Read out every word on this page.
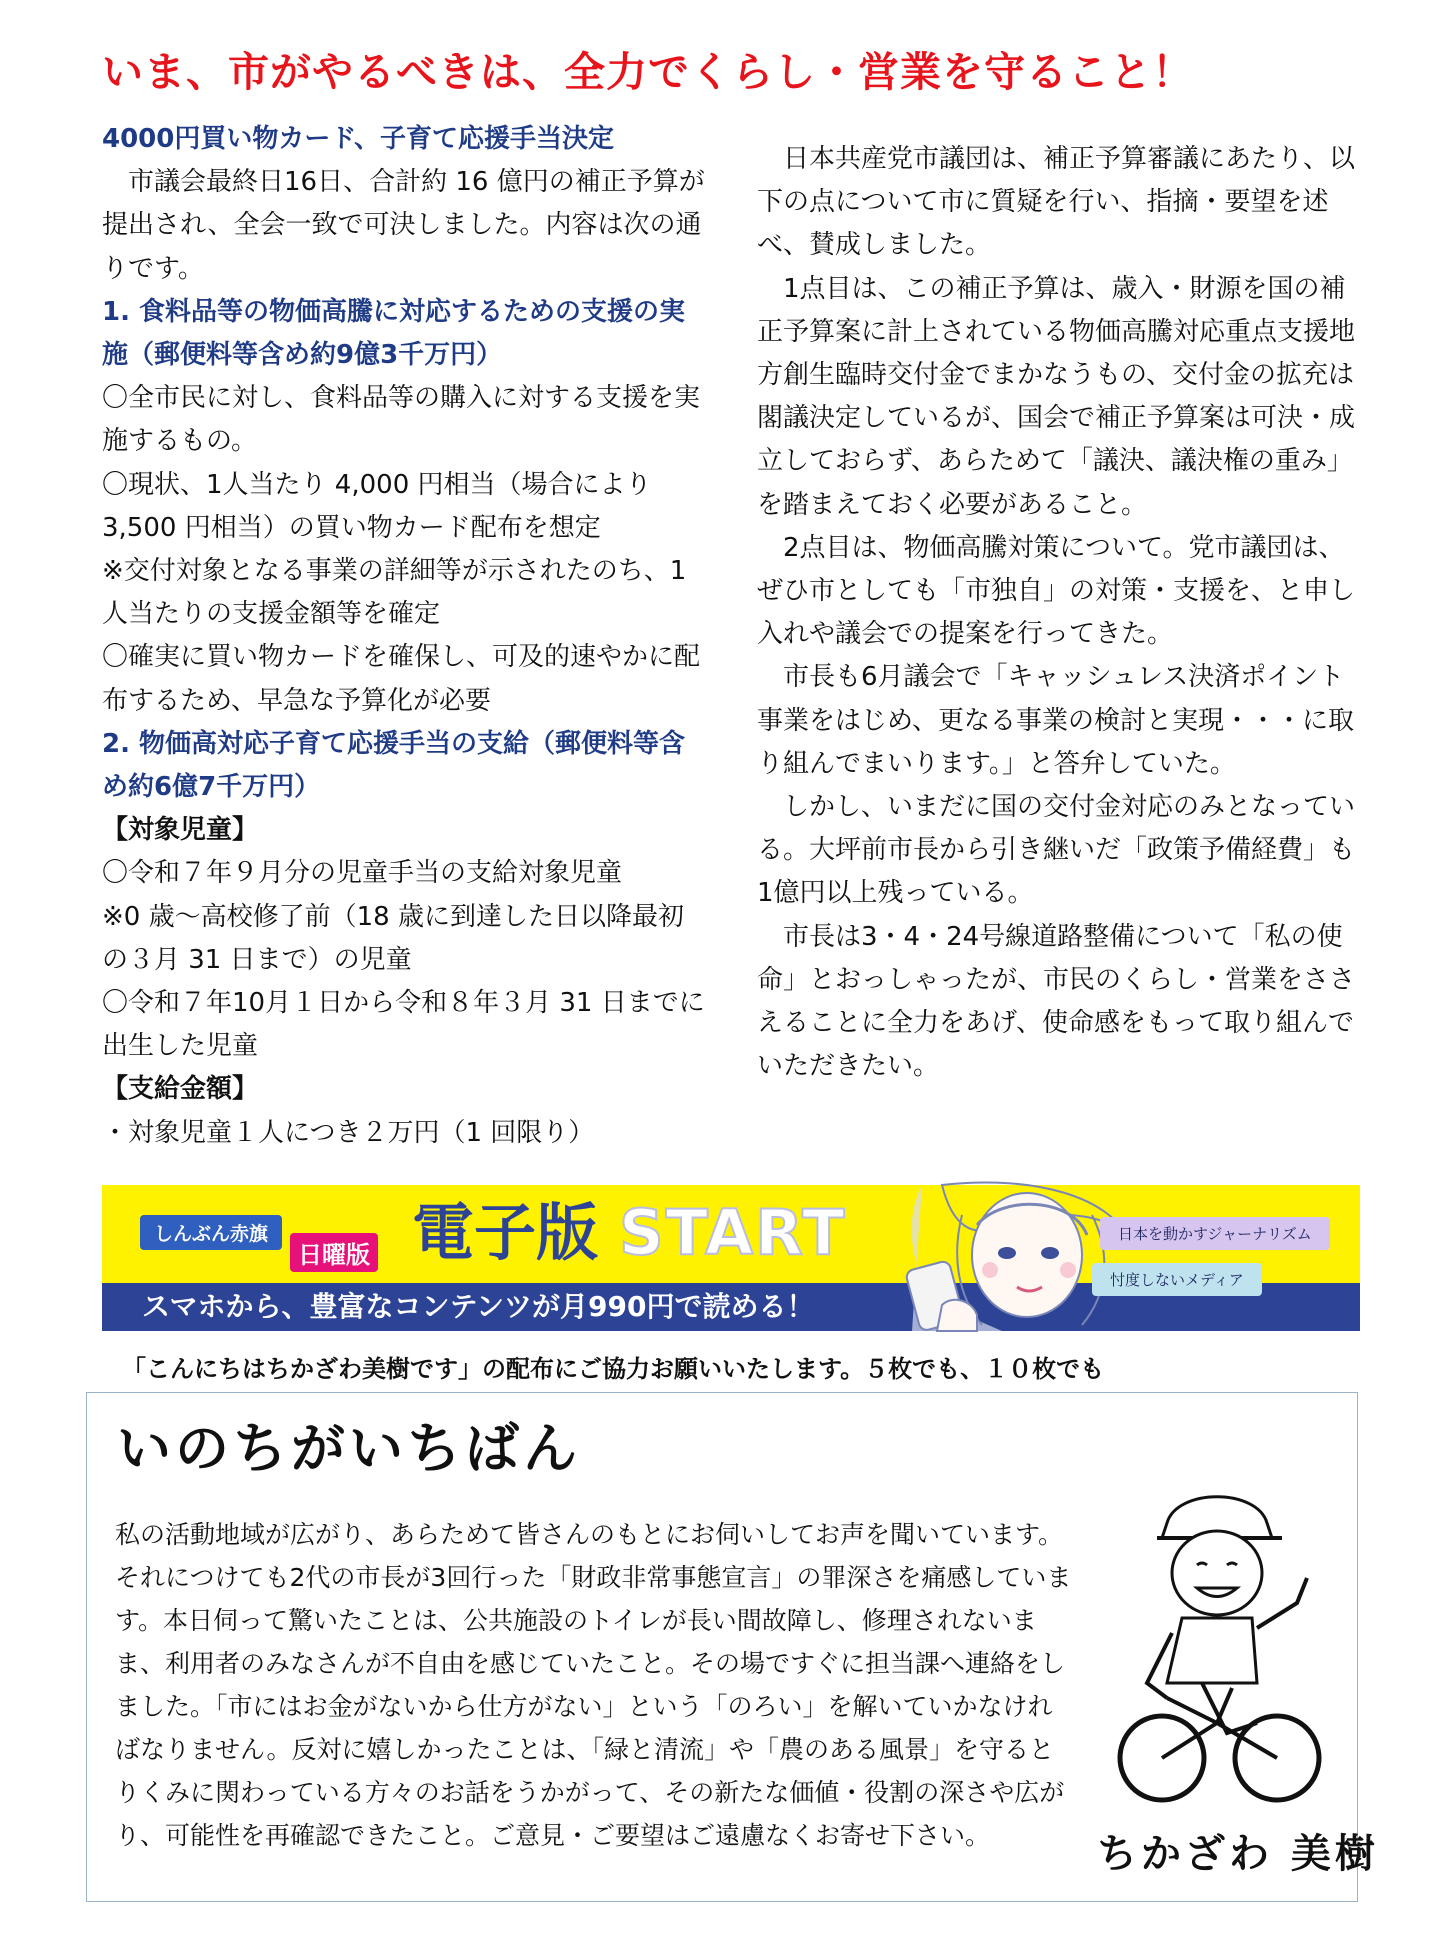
いま、市がやるべきは、全力でくらし・営業を守ること！

4000円買い物カード、子育て応援手当決定

市議会最終日16日、合計約 16 億円の補正予算が提出され、全会一致で可決しました。内容は次の通りです。

1. 食料品等の物価高騰に対応するための支援の実施（郵便料等含め約9億3千万円）

〇全市民に対し、食料品等の購入に対する支援を実施するもの。

〇現状、1人当たり 4,000 円相当（場合により3,500 円相当）の買い物カード配布を想定

※交付対象となる事業の詳細等が示されたのち、1人当たりの支援金額等を確定

〇確実に買い物カードを確保し、可及的速やかに配布するため、早急な予算化が必要

2. 物価高対応子育て応援手当の支給（郵便料等含め約6億7千万円）

【対象児童】

〇令和７年９月分の児童手当の支給対象児童

※0 歳～高校修了前（18 歳に到達した日以降最初の３月 31 日まで）の児童

〇令和７年10月１日から令和８年３月 31 日までに出生した児童

【支給金額】

・対象児童１人につき２万円（1 回限り）

日本共産党市議団は、補正予算審議にあたり、以下の点について市に質疑を行い、指摘・要望を述べ、賛成しました。

1点目は、この補正予算は、歳入・財源を国の補正予算案に計上されている物価高騰対応重点支援地方創生臨時交付金でまかなうもの、交付金の拡充は閣議決定しているが、国会で補正予算案は可決・成立しておらず、あらためて「議決、議決権の重み」を踏まえておく必要があること。

2点目は、物価高騰対策について。党市議団は、ぜひ市としても「市独自」の対策・支援を、と申し入れや議会での提案を行ってきた。

市長も6月議会で「キャッシュレス決済ポイント事業をはじめ、更なる事業の検討と実現・・・に取り組んでまいります。」と答弁していた。

しかし、いまだに国の交付金対応のみとなっている。大坪前市長から引き継いだ「政策予備経費」も1億円以上残っている。

市長は3・4・24号線道路整備について「私の使命」とおっしゃったが、市民のくらし・営業をささえることに全力をあげ、使命感をもって取り組んでいただきたい。

しんぶん赤旗
日曜版 電子版 START	日本を動かすジャーナリズム
忖度しないメディア
スマホから、豊富なコンテンツが月990円で読める！
「こんにちはちかざわ美樹です」の配布にご協力お願いいたします。５枚でも、１０枚でも
いのちがいちばん

私の活動地域が広がり、あらためて皆さんのもとにお伺いしてお声を聞いています。それにつけても2代の市長が3回行った「財政非常事態宣言」の罪深さを痛感しています。本日伺って驚いたことは、公共施設のトイレが長い間故障し、修理されないまま、利用者のみなさんが不自由を感じていたこと。その場ですぐに担当課へ連絡をしました。「市にはお金がないから仕方がない」という「のろい」を解いていかなければなりません。反対に嬉しかったことは、「緑と清流」や「農のある風景」を守るとりくみに関わっている方々のお話をうかがって、その新たな価値・役割の深さや広がり、可能性を再確認できたこと。ご意見・ご要望はご遠慮なくお寄せ下さい。	ちかざわ 美樹
